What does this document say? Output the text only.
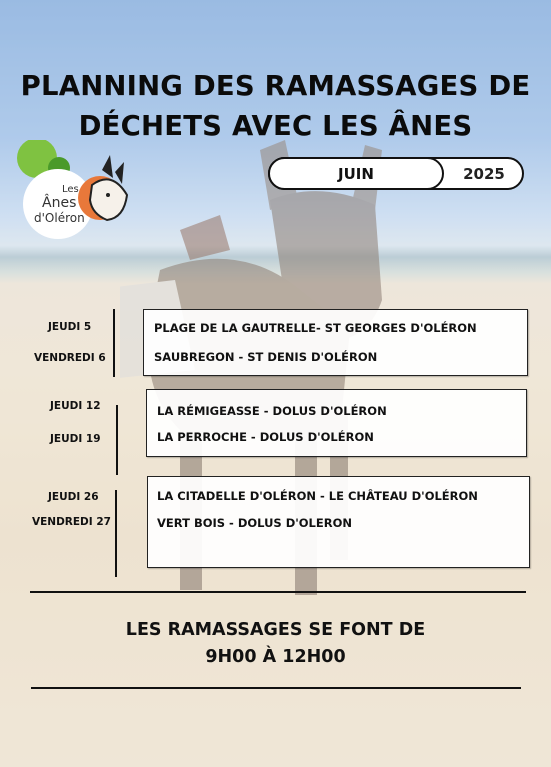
PLANNING DES RAMASSAGES DE
DÉCHETS AVEC LES ÂNES
Les
Ânes
d'Oléron
JUIN	2025
JEUDI 5
VENDREDI 6
PLAGE DE LA GAUTRELLE- ST GEORGES D'OLÉRON
SAUBREGON - ST DENIS D'OLÉRON
JEUDI 12
JEUDI 19
LA RÉMIGEASSE - DOLUS D'OLÉRON
LA PERROCHE - DOLUS D'OLÉRON
JEUDI 26
VENDREDI 27
LA CITADELLE D'OLÉRON - LE CHÂTEAU D'OLÉRON
VERT BOIS - DOLUS D'OLERON
LES RAMASSAGES SE FONT DE
9H00 À 12H00
